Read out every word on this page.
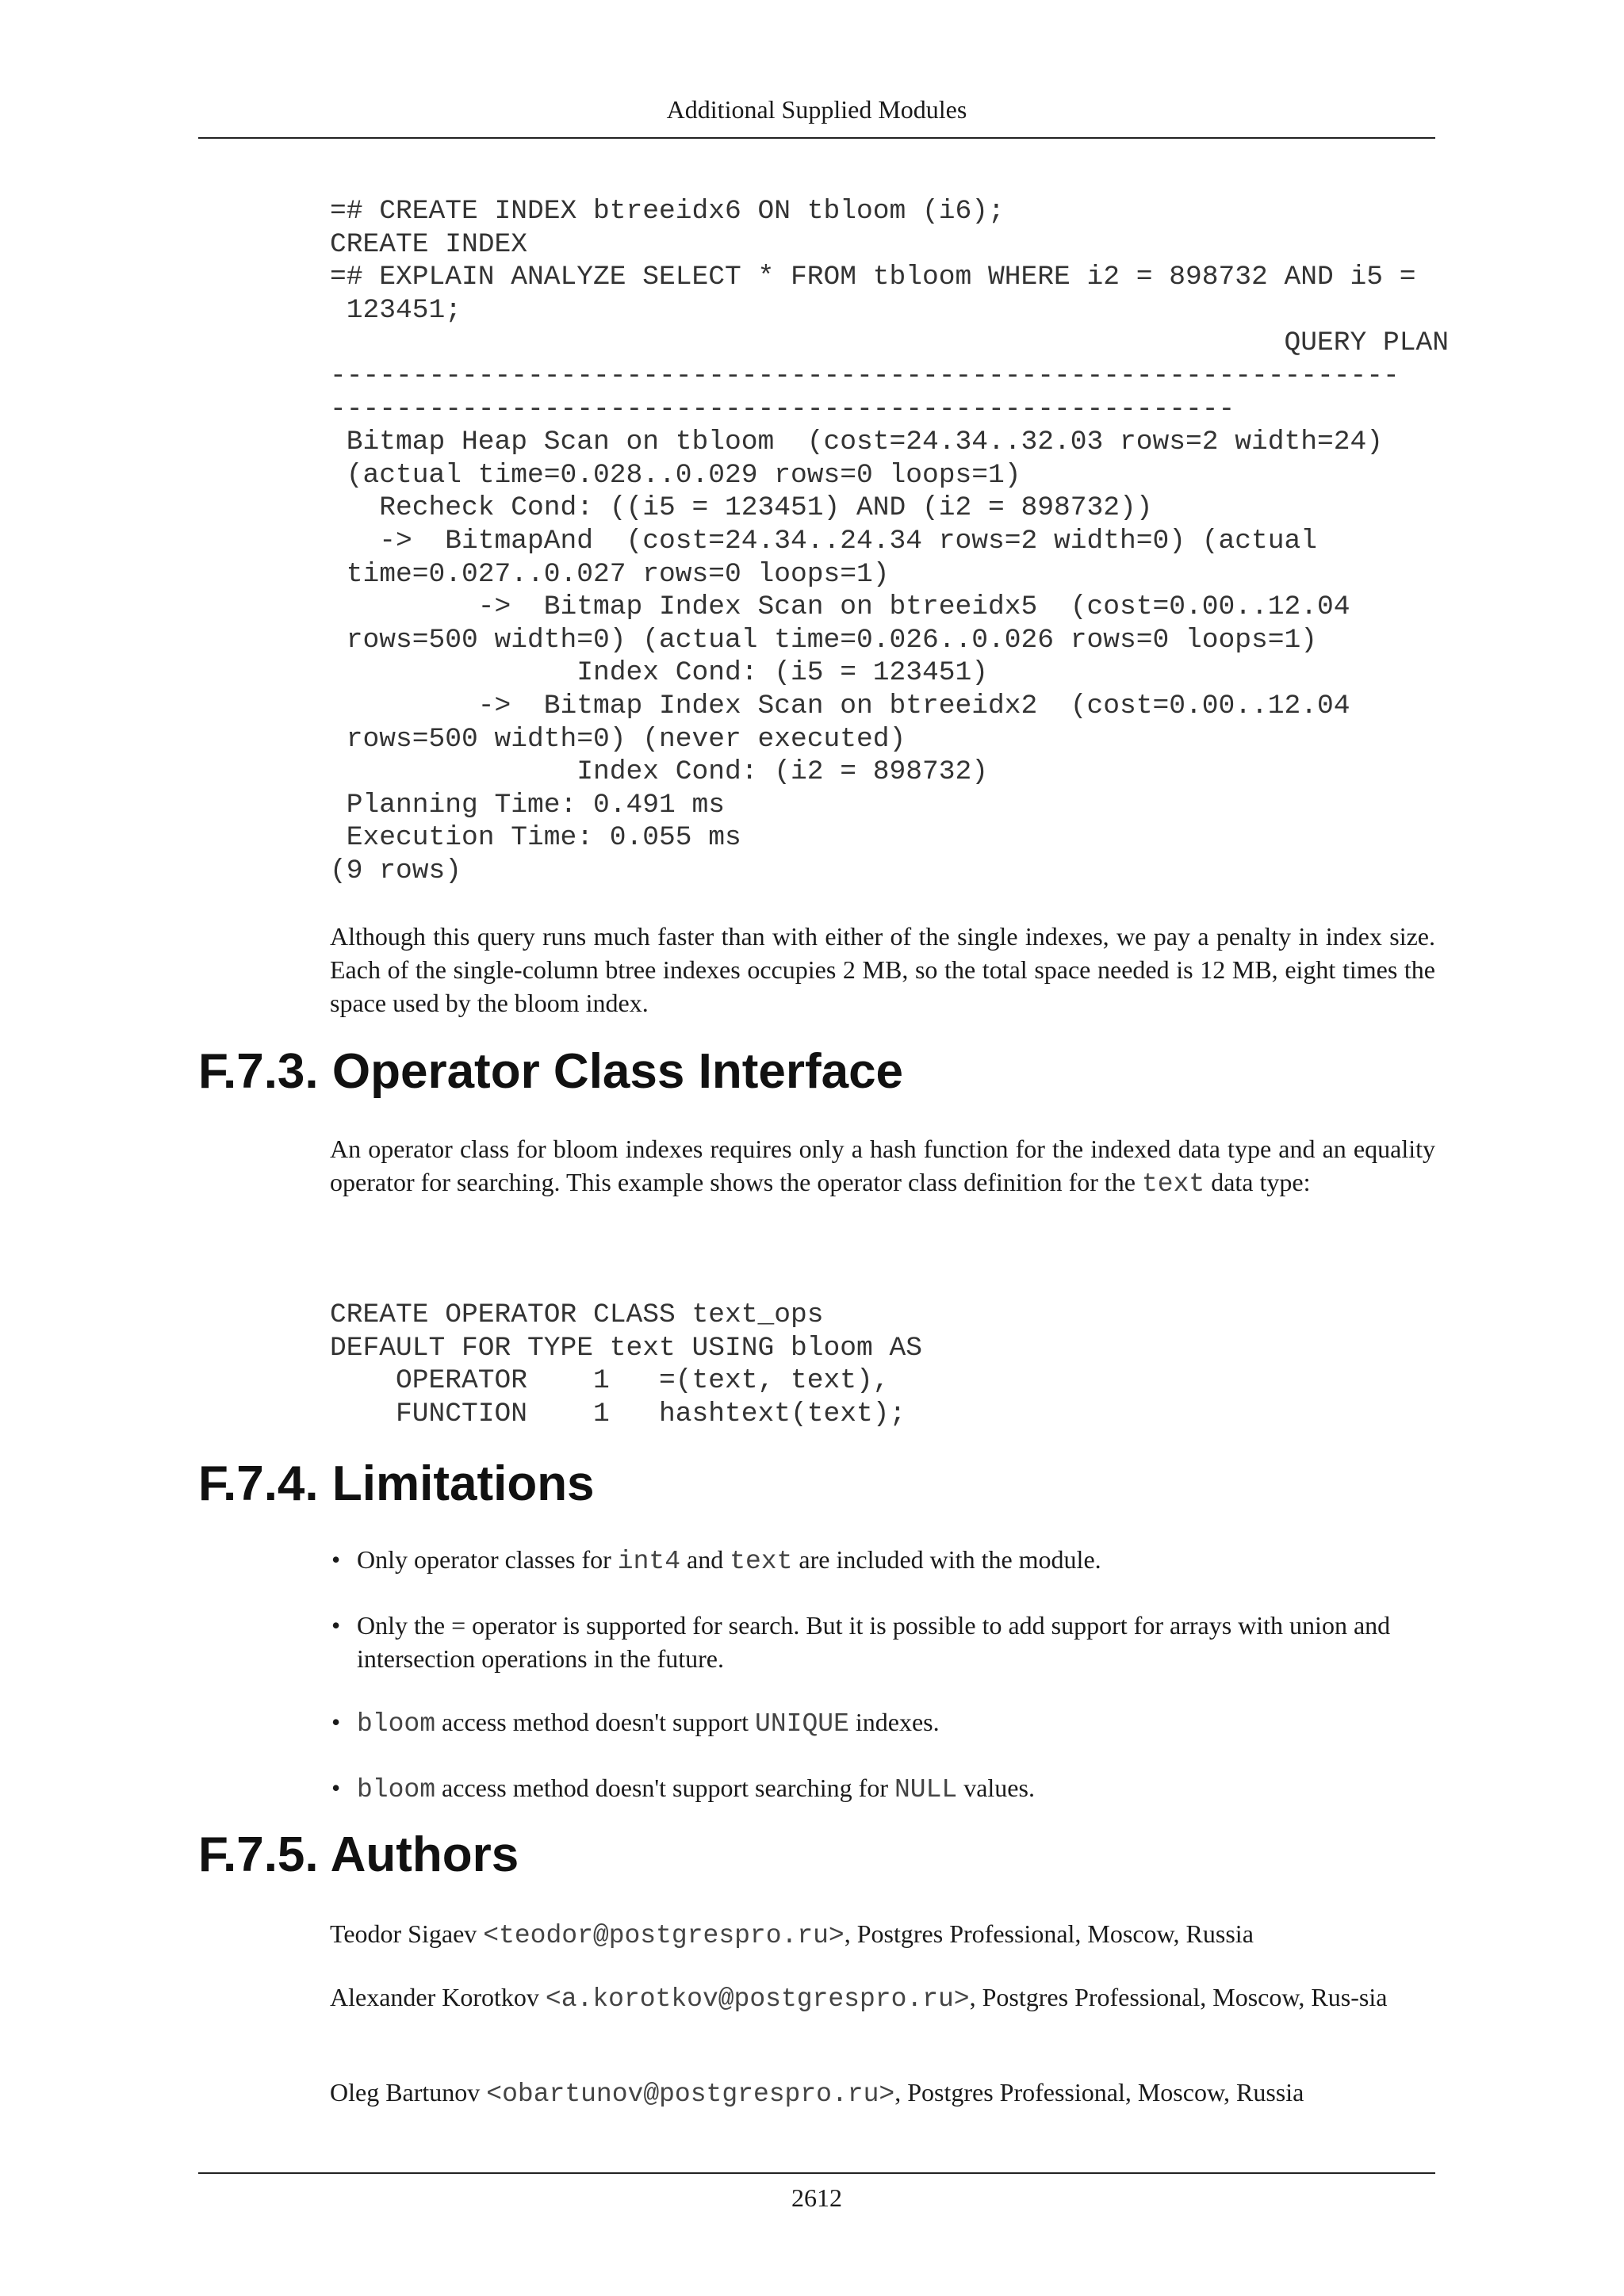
Additional Supplied Modules
=# CREATE INDEX btreeidx6 ON tbloom (i6);
CREATE INDEX
=# EXPLAIN ANALYZE SELECT * FROM tbloom WHERE i2 = 898732 AND i5 =
123451;
QUERY PLAN
-----------------------------------------------------------------
-------------------------------------------------------
Bitmap Heap Scan on tbloom  (cost=24.34..32.03 rows=2 width=24)
(actual time=0.028..0.029 rows=0 loops=1)
Recheck Cond: ((i5 = 123451) AND (i2 = 898732))
->  BitmapAnd  (cost=24.34..24.34 rows=2 width=0) (actual
time=0.027..0.027 rows=0 loops=1)
->  Bitmap Index Scan on btreeidx5  (cost=0.00..12.04
rows=500 width=0) (actual time=0.026..0.026 rows=0 loops=1)
Index Cond: (i5 = 123451)
->  Bitmap Index Scan on btreeidx2  (cost=0.00..12.04
rows=500 width=0) (never executed)
Index Cond: (i2 = 898732)
Planning Time: 0.491 ms
Execution Time: 0.055 ms
(9 rows)

Although this query runs much faster than with either of the single indexes, we pay a penalty in index size. Each of the single-column btree indexes occupies 2 MB, so the total space needed is 12 MB, eight times the space used by the bloom index.

F.7.3. Operator Class Interface

An operator class for bloom indexes requires only a hash function for the indexed data type and an equality operator for searching. This example shows the operator class definition for the text data type:

CREATE OPERATOR CLASS text_ops
DEFAULT FOR TYPE text USING bloom AS
OPERATOR    1   =(text, text),
FUNCTION    1   hashtext(text);
F.7.4. Limitations
• Only operator classes for int4 and text are included with the module.
• Only the = operator is supported for search. But it is possible to add support for arrays with union and intersection operations in the future.
• bloom access method doesn't support UNIQUE indexes.
• bloom access method doesn't support searching for NULL values.
F.7.5. Authors

Teodor Sigaev <teodor@postgrespro.ru>, Postgres Professional, Moscow, Russia

Alexander Korotkov <a.korotkov@postgrespro.ru>, Postgres Professional, Moscow, Rus-sia

Oleg Bartunov <obartunov@postgrespro.ru>, Postgres Professional, Moscow, Russia

2612
